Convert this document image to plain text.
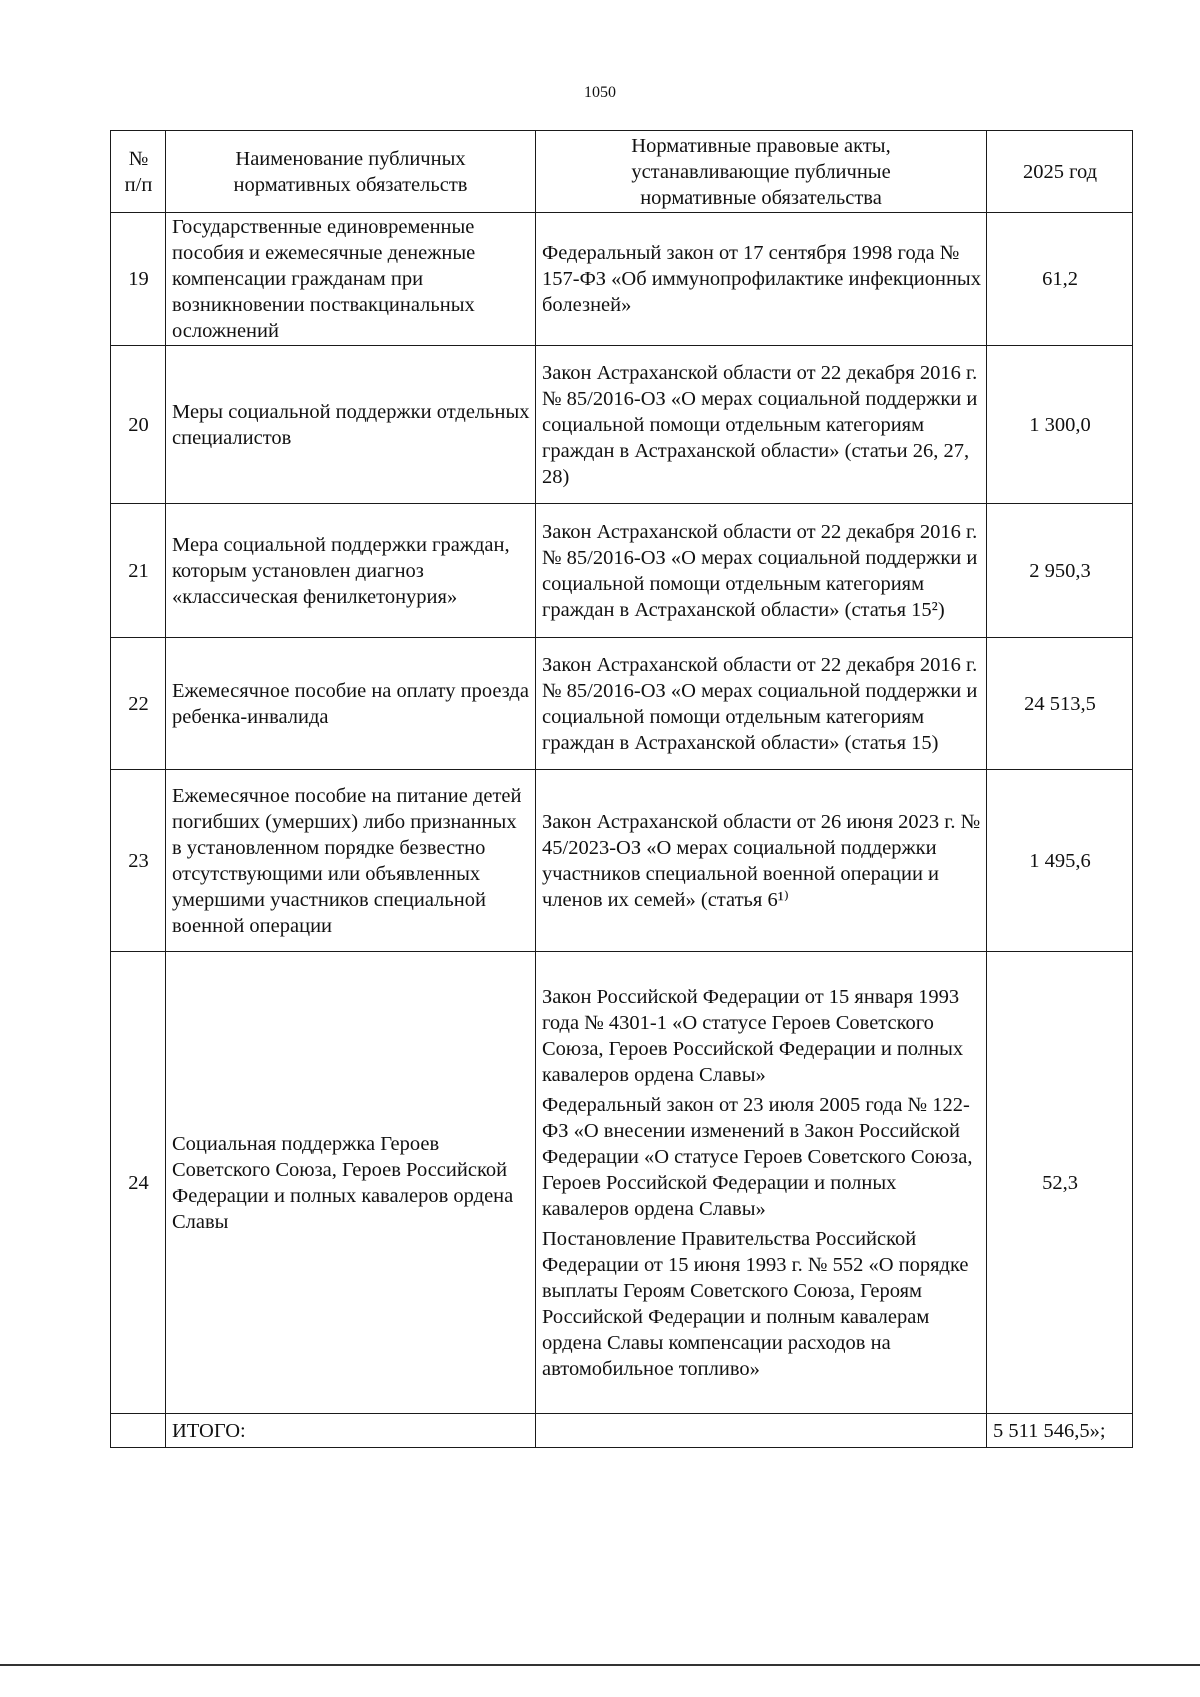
1050
№
п/п	Наименование публичных нормативных обязательств	Нормативные правовые акты, устанавливающие публичные нормативные обязательства	2025 год
19	Государственные единовременные пособия и ежемесячные денежные компенсации гражданам при возникновении поствакцинальных осложнений	Федеральный закон от 17 сентября 1998 года № 157-ФЗ «Об иммунопрофилактике инфекционных болезней»	61,2
20	Меры социальной поддержки отдельных специалистов	Закон Астраханской области от 22 декабря 2016 г. № 85/2016-ОЗ «О мерах социальной поддержки и социальной помощи отдельным категориям граждан в Астраханской области» (статьи 26, 27, 28)	1 300,0
21	Мера социальной поддержки граждан, которым установлен диагноз «классическая фенилкетонурия»	Закон Астраханской области от 22 декабря 2016 г. № 85/2016-ОЗ «О мерах социальной поддержки и социальной помощи отдельным категориям граждан в Астраханской области» (статья 15²)	2 950,3
22	Ежемесячное пособие на оплату проезда ребенка-инвалида	Закон Астраханской области от 22 декабря 2016 г. № 85/2016-ОЗ «О мерах социальной поддержки и социальной помощи отдельным категориям граждан в Астраханской области» (статья 15)	24 513,5
23	Ежемесячное пособие на питание детей погибших (умерших) либо признанных в установленном порядке безвестно отсутствующими или объявленных умершими участников специальной военной операции	Закон Астраханской области от 26 июня 2023 г. № 45/2023-ОЗ «О мерах социальной поддержки участников специальной военной операции и членов их семей» (статья 6¹⁾	1 495,6
24	Социальная поддержка Героев Советского Союза, Героев Российской Федерации и полных кавалеров ордена Славы	Закон Российской Федерации от 15 января 1993 года № 4301-1 «О статусе Героев Советского Союза, Героев Российской Федерации и полных кавалеров ордена Славы»
Федеральный закон от 23 июля 2005 года № 122-ФЗ «О внесении изменений в Закон Российской Федерации «О статусе Героев Советского Союза, Героев Российской Федерации и полных кавалеров ордена Славы»
Постановление Правительства Российской Федерации от 15 июня 1993 г. № 552 «О порядке выплаты Героям Советского Союза, Героям Российской Федерации и полным кавалерам ордена Славы компенсации расходов на автомобильное топливо»	52,3
	ИТОГО:		5 511 546,5»;
